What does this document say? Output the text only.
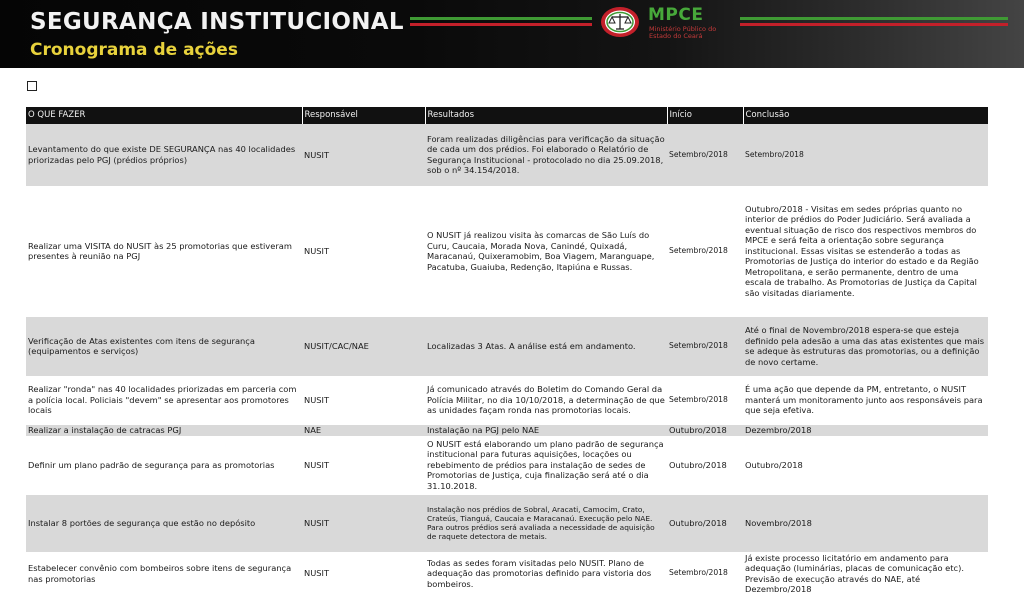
SEGURANÇA INSTITUCIONAL
Cronograma de ações
MPCE
Ministério Público do Estado do Ceará
O QUE FAZER	Responsável	Resultados	Início	Conclusão
Levantamento do que existe DE SEGURANÇA nas 40 localidades priorizadas pelo PGJ (prédios próprios)	NUSIT	Foram realizadas diligências para verificação da situação de cada um dos prédios. Foi elaborado o Relatório de Segurança Institucional - protocolado no dia 25.09.2018, sob o nº 34.154/2018.	Setembro/2018	Setembro/2018
Realizar uma VISITA do NUSIT às 25 promotorias que estiveram presentes à reunião na PGJ	NUSIT	O NUSIT já realizou visita às comarcas de São Luís do Curu, Caucaia, Morada Nova, Canindé, Quixadá, Maracanaú, Quixeramobim, Boa Viagem, Maranguape, Pacatuba, Guaiuba, Redenção, Itapiúna e Russas.	Setembro/2018	Outubro/2018 - Visitas em sedes próprias quanto no interior de prédios do Poder Judiciário. Será avaliada a eventual situação de risco dos respectivos membros do MPCE e será feita a orientação sobre segurança institucional. Essas visitas se estenderão a todas as Promotorias de Justiça do interior do estado e da Região Metropolitana, e serão permanente, dentro de uma escala de trabalho. As Promotorias de Justiça da Capital são visitadas diariamente.
Verificação de Atas existentes com itens de segurança (equipamentos e serviços)	NUSIT/CAC/NAE	Localizadas 3 Atas. A análise está em andamento.	Setembro/2018	Até o final de Novembro/2018 espera-se que esteja definido pela adesão a uma das atas existentes que mais se adeque às estruturas das promotorias, ou a definição de novo certame.
Realizar "ronda" nas 40 localidades priorizadas em parceria com a polícia local. Policiais "devem" se apresentar aos promotores locais	NUSIT	Já comunicado através do Boletim do Comando Geral da Polícia Militar, no dia 10/10/2018, a determinação de que as unidades façam ronda nas promotorias locais.	Setembro/2018	É uma ação que depende da PM, entretanto, o NUSIT manterá um monitoramento junto aos responsáveis para que seja efetiva.
Realizar a instalação de catracas PGJ	NAE	Instalação na PGJ pelo NAE	Outubro/2018	Dezembro/2018
Definir um plano padrão de segurança para as promotorias	NUSIT	O NUSIT está elaborando um plano padrão de segurança institucional para futuras aquisições, locações ou rebebimento de prédios para instalação de sedes de Promotorias de Justiça, cuja finalização será até o dia 31.10.2018.	Outubro/2018	Outubro/2018
Instalar 8 portões de segurança que estão no depósito	NUSIT	Instalação nos prédios de Sobral, Aracati, Camocim, Crato, Crateús, Tianguá, Caucaia e Maracanaú. Execução pelo NAE. Para outros prédios será avaliada a necessidade de aquisição de raquete detectora de metais.	Outubro/2018	Novembro/2018
Estabelecer convênio com bombeiros sobre itens de segurança nas promotorias	NUSIT	Todas as sedes foram visitadas pelo NUSIT. Plano de adequação das promotorias definido para vistoria dos bombeiros.	Setembro/2018	Já existe processo licitatório em andamento para adequação (luminárias, placas de comunicação etc). Previsão de execução através do NAE, até Dezembro/2018
